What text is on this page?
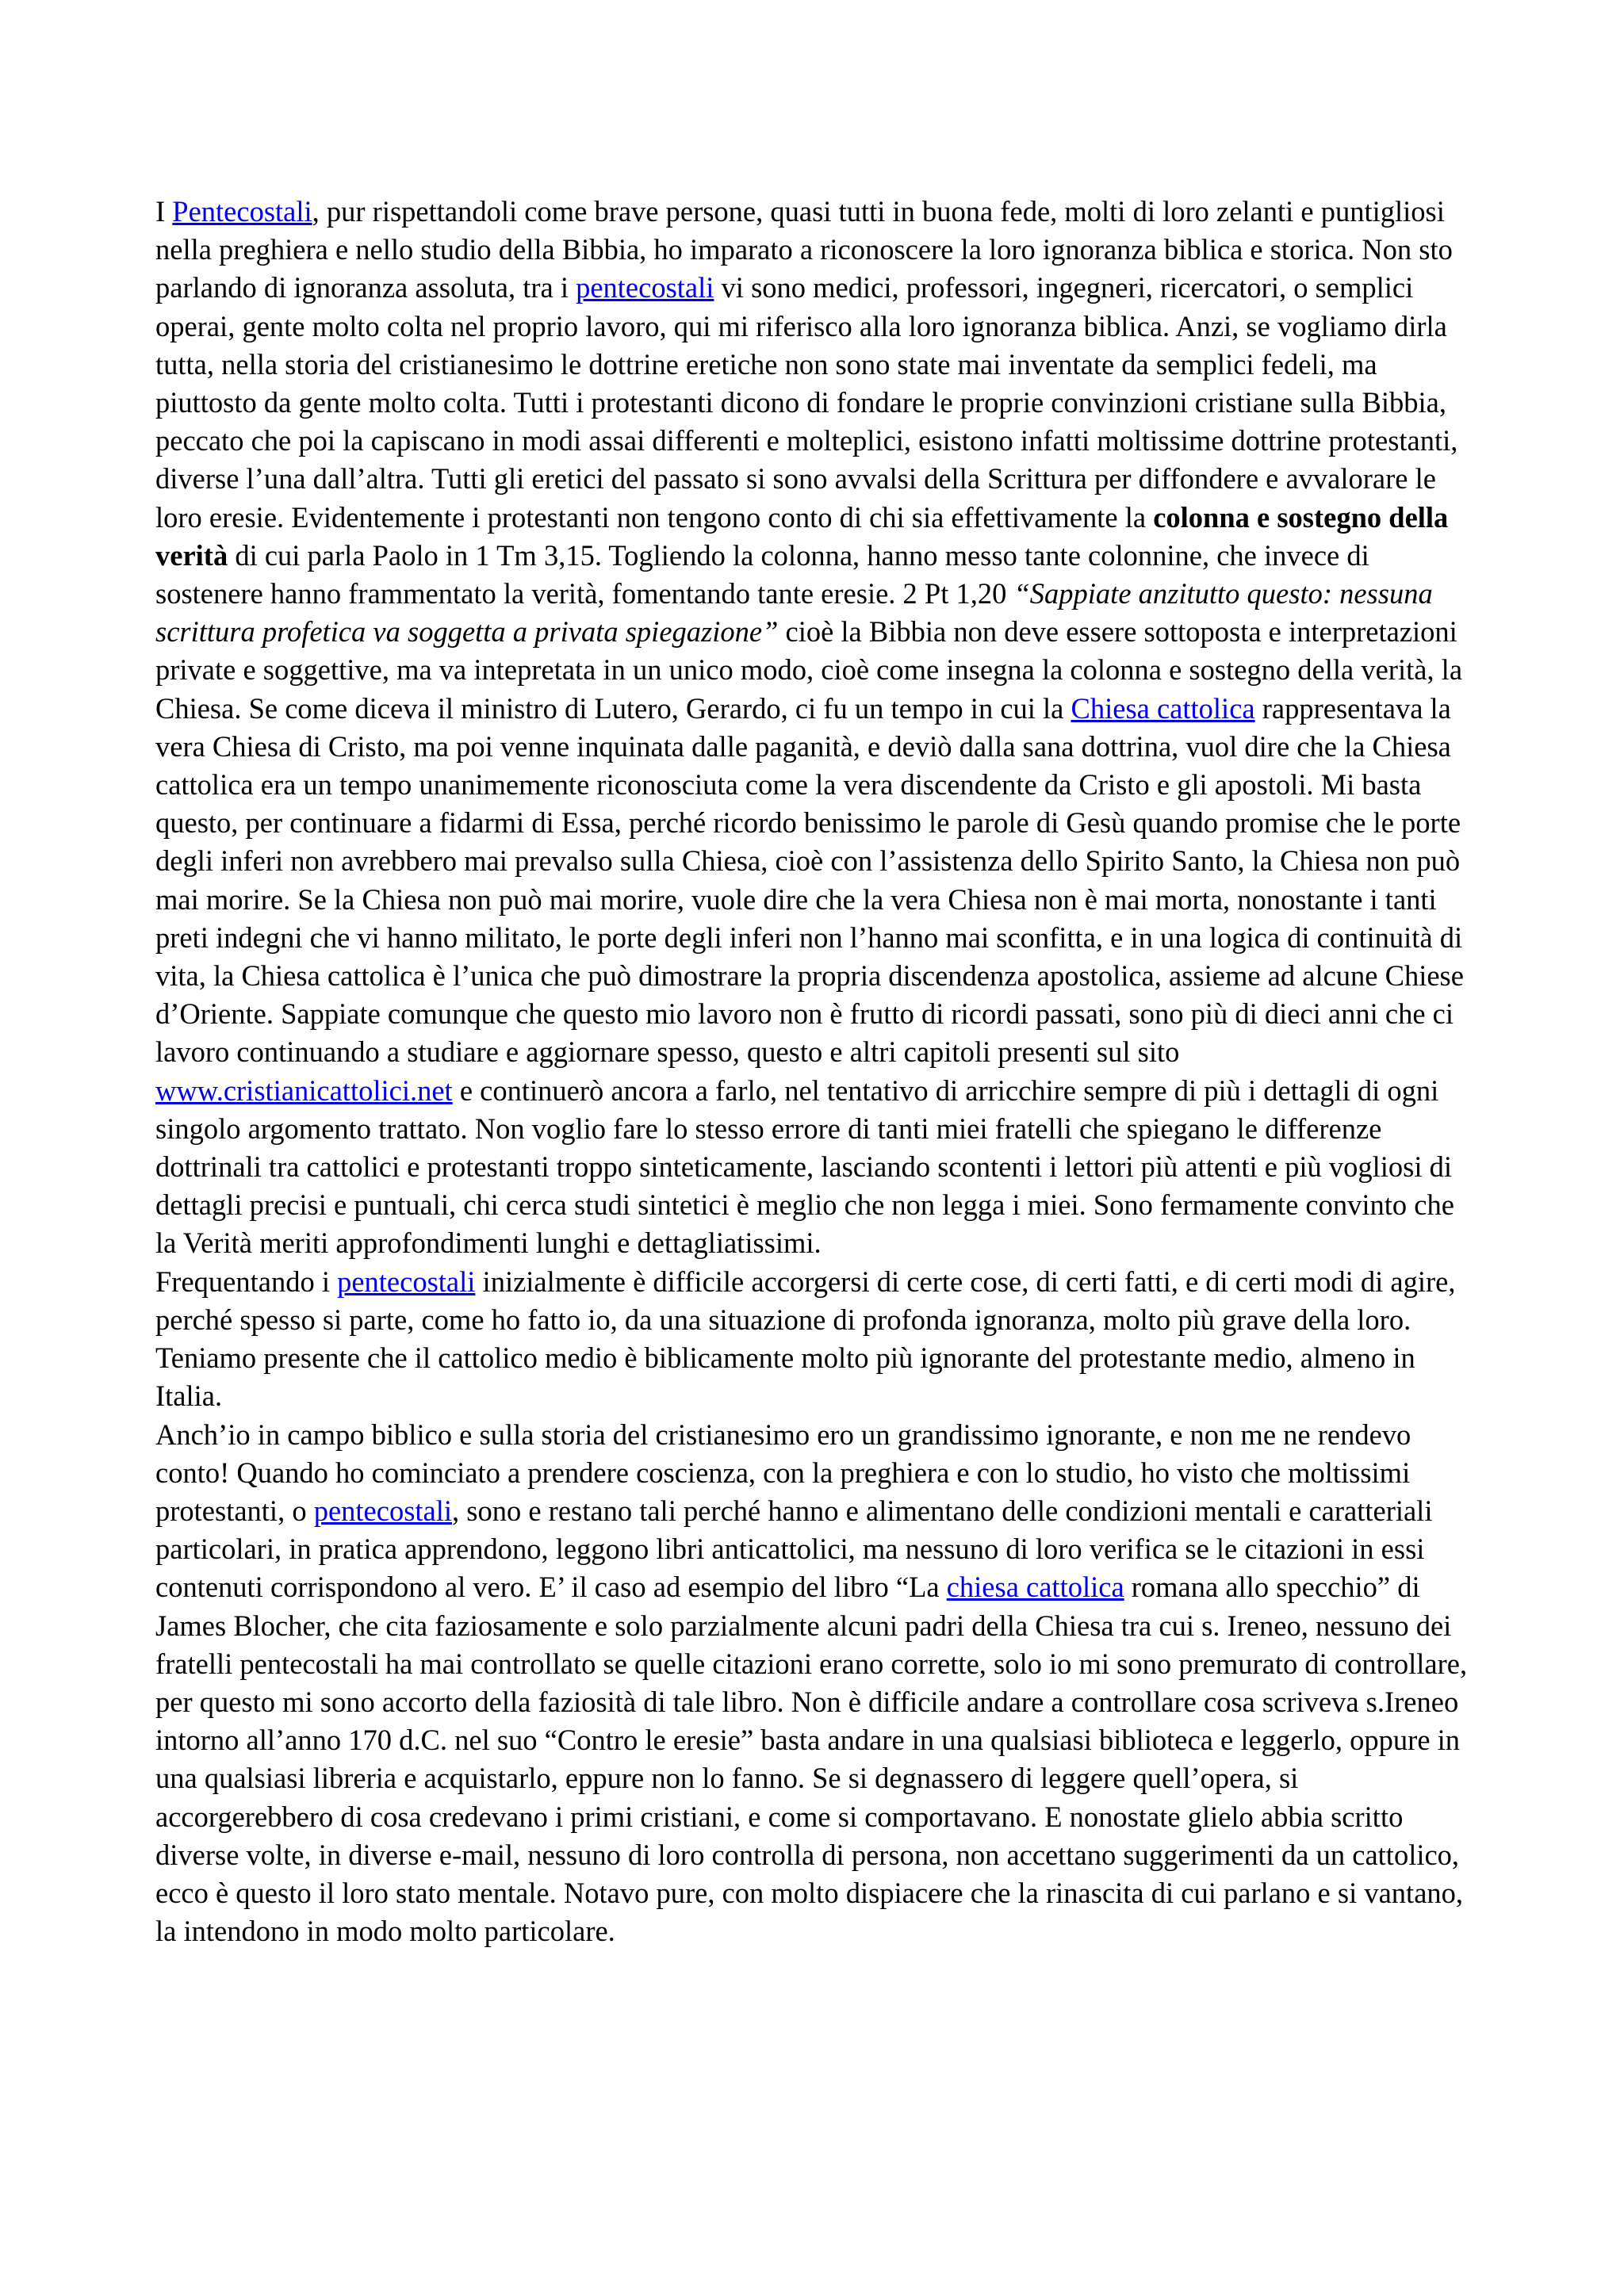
I Pentecostali, pur rispettandoli come brave persone, quasi tutti in buona fede, molti di loro zelanti e puntigliosi nella preghiera e nello studio della Bibbia, ho imparato a riconoscere la loro ignoranza biblica e storica. Non sto parlando di ignoranza assoluta, tra i pentecostali vi sono medici, professori, ingegneri, ricercatori, o semplici operai, gente molto colta nel proprio lavoro, qui mi riferisco alla loro ignoranza biblica. Anzi, se vogliamo dirla tutta, nella storia del cristianesimo le dottrine eretiche non sono state mai inventate da semplici fedeli, ma piuttosto da gente molto colta. Tutti i protestanti dicono di fondare le proprie convinzioni cristiane sulla Bibbia, peccato che poi la capiscano in modi assai differenti e molteplici, esistono infatti moltissime dottrine protestanti, diverse l’una dall’altra. Tutti gli eretici del passato si sono avvalsi della Scrittura per diffondere e avvalorare le loro eresie. Evidentemente i protestanti non tengono conto di chi sia effettivamente la colonna e sostegno della verità di cui parla Paolo in 1 Tm 3,15. Togliendo la colonna, hanno messo tante colonnine, che invece di sostenere hanno frammentato la verità, fomentando tante eresie. 2 Pt 1,20 “Sappiate anzitutto questo: nessuna scrittura profetica va soggetta a privata spiegazione” cioè la Bibbia non deve essere sottoposta e interpretazioni private e soggettive, ma va intepretata in un unico modo, cioè come insegna la colonna e sostegno della verità, la Chiesa. Se come diceva il ministro di Lutero, Gerardo, ci fu un tempo in cui la Chiesa cattolica rappresentava la vera Chiesa di Cristo, ma poi venne inquinata dalle paganità, e deviò dalla sana dottrina, vuol dire che la Chiesa cattolica era un tempo unanimemente riconosciuta come la vera discendente da Cristo e gli apostoli. Mi basta questo, per continuare a fidarmi di Essa, perché ricordo benissimo le parole di Gesù quando promise che le porte degli inferi non avrebbero mai prevalso sulla Chiesa, cioè con l’assistenza dello Spirito Santo, la Chiesa non può mai morire. Se la Chiesa non può mai morire, vuole dire che la vera Chiesa non è mai morta, nonostante i tanti preti indegni che vi hanno militato, le porte degli inferi non l’hanno mai sconfitta, e in una logica di continuità di vita, la Chiesa cattolica è l’unica che può dimostrare la propria discendenza apostolica, assieme ad alcune Chiese d’Oriente. Sappiate comunque che questo mio lavoro non è frutto di ricordi passati, sono più di dieci anni che ci lavoro continuando a studiare e aggiornare spesso, questo e altri capitoli presenti sul sito www.cristianicattolici.net e continuerò ancora a farlo, nel tentativo di arricchire sempre di più i dettagli di ogni singolo argomento trattato. Non voglio fare lo stesso errore di tanti miei fratelli che spiegano le differenze dottrinali tra cattolici e protestanti troppo sinteticamente, lasciando scontenti i lettori più attenti e più vogliosi di dettagli precisi e puntuali, chi cerca studi sintetici è meglio che non legga i miei. Sono fermamente convinto che la Verità meriti approfondimenti lunghi e dettagliatissimi.

Frequentando i pentecostali inizialmente è difficile accorgersi di certe cose, di certi fatti, e di certi modi di agire, perché spesso si parte, come ho fatto io, da una situazione di profonda ignoranza, molto più grave della loro. Teniamo presente che il cattolico medio è biblicamente molto più ignorante del protestante medio, almeno in Italia.

Anch’io in campo biblico e sulla storia del cristianesimo ero un grandissimo ignorante, e non me ne rendevo conto! Quando ho cominciato a prendere coscienza, con la preghiera e con lo studio, ho visto che moltissimi protestanti, o pentecostali, sono e restano tali perché hanno e alimentano delle condizioni mentali e caratteriali particolari, in pratica apprendono, leggono libri anticattolici, ma nessuno di loro verifica se le citazioni in essi contenuti corrispondono al vero. E’ il caso ad esempio del libro “La chiesa cattolica romana allo specchio” di James Blocher, che cita faziosamente e solo parzialmente alcuni padri della Chiesa tra cui s. Ireneo, nessuno dei fratelli pentecostali ha mai controllato se quelle citazioni erano corrette, solo io mi sono premurato di controllare, per questo mi sono accorto della faziosità di tale libro. Non è difficile andare a controllare cosa scriveva s.Ireneo intorno all’anno 170 d.C. nel suo “Contro le eresie” basta andare in una qualsiasi biblioteca e leggerlo, oppure in una qualsiasi libreria e acquistarlo, eppure non lo fanno. Se si degnassero di leggere quell’opera, si accorgerebbero di cosa credevano i primi cristiani, e come si comportavano. E nonostate glielo abbia scritto diverse volte, in diverse e-mail, nessuno di loro controlla di persona, non accettano suggerimenti da un cattolico, ecco è questo il loro stato mentale. Notavo pure, con molto dispiacere che la rinascita di cui parlano e si vantano, la intendono in modo molto particolare.
